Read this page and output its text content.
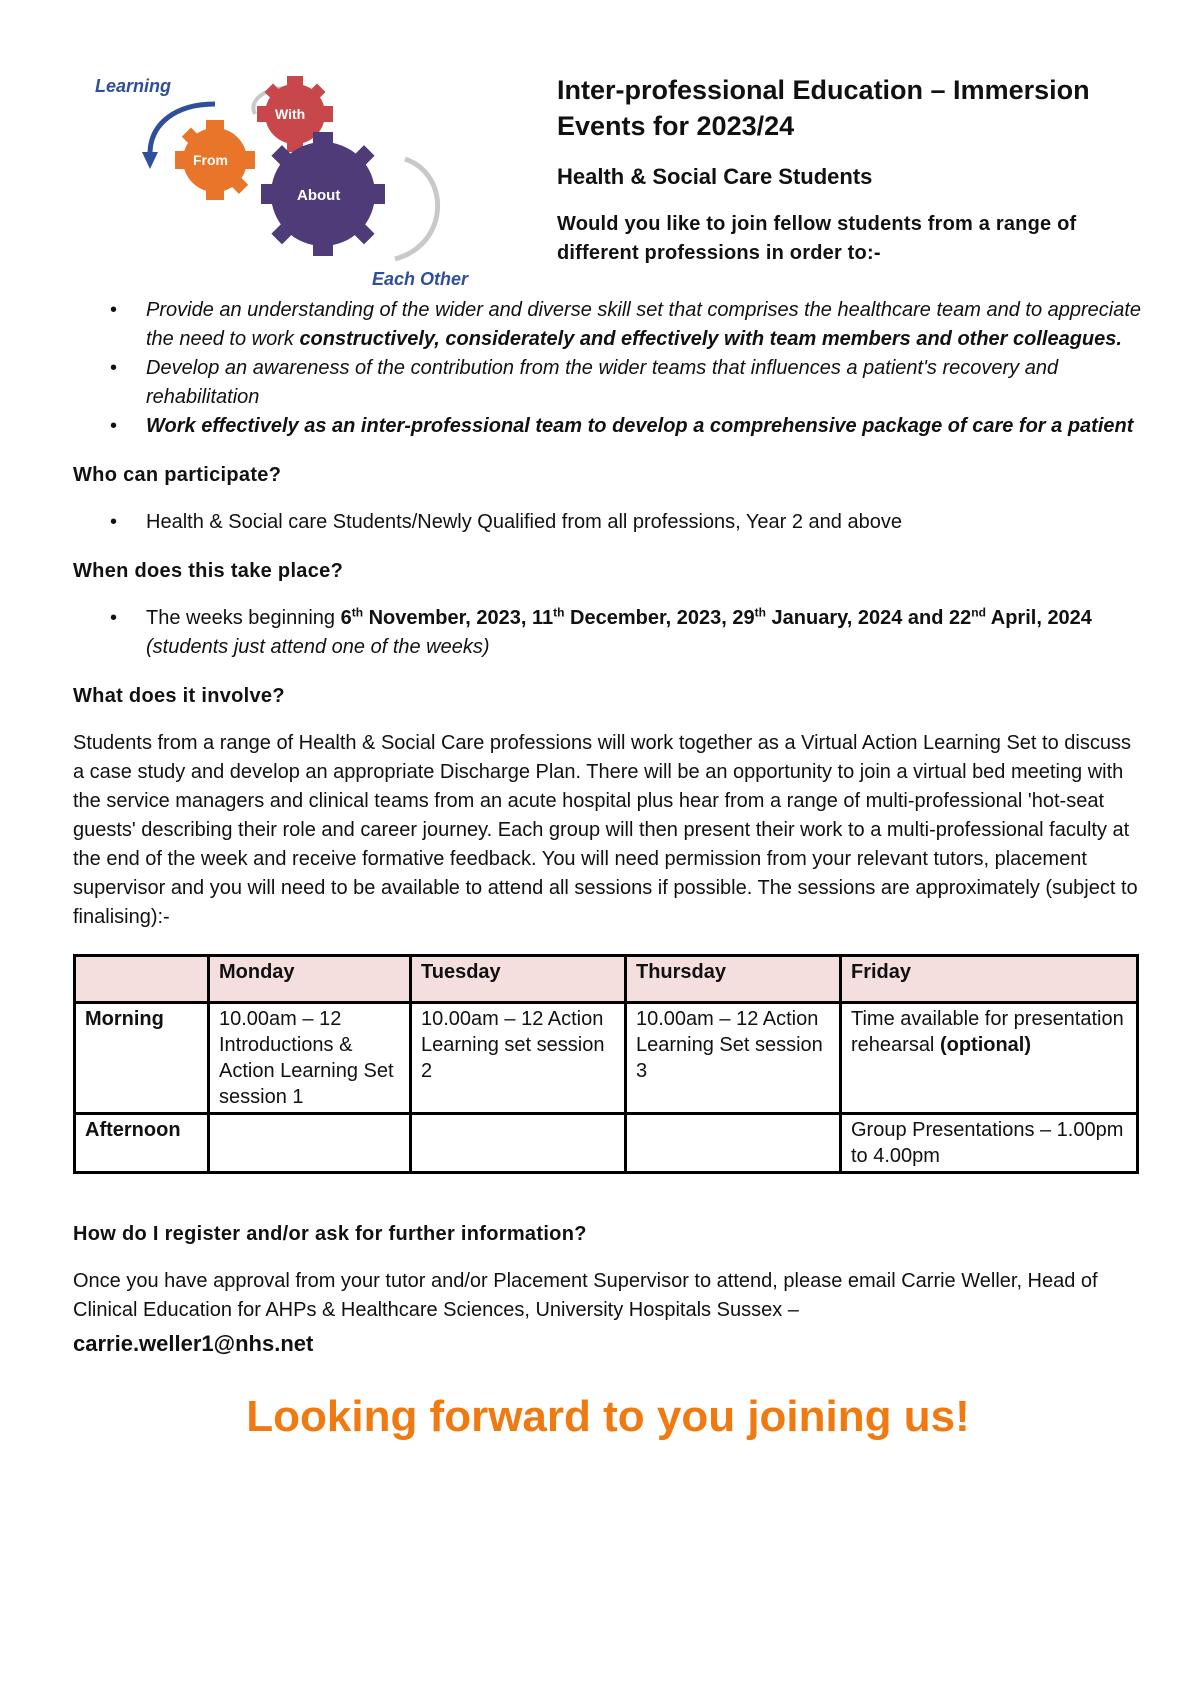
Learning
With
From
About
Each Other
Inter-professional Education – Immersion Events for 2023/24

Health & Social Care Students

Would you like to join fellow students from a range of different professions in order to:-

• Provide an understanding of the wider and diverse skill set that comprises the healthcare team and to appreciate the need to work constructively, considerately and effectively with team members and other colleagues.
• Develop an awareness of the contribution from the wider teams that influences a patient's recovery and rehabilitation
• Work effectively as an inter-professional team to develop a comprehensive package of care for a patient

Who can participate?

• Health & Social care Students/Newly Qualified from all professions, Year 2 and above

When does this take place?

• The weeks beginning 6th November, 2023, 11th December, 2023, 29th January, 2024 and 22nd April, 2024 (students just attend one of the weeks)

What does it involve?

Students from a range of Health & Social Care professions will work together as a Virtual Action Learning Set to discuss a case study and develop an appropriate Discharge Plan. There will be an opportunity to join a virtual bed meeting with the service managers and clinical teams from an acute hospital plus hear from a range of multi-professional 'hot-seat guests' describing their role and career journey. Each group will then present their work to a multi-professional faculty at the end of the week and receive formative feedback. You will need permission from your relevant tutors, placement supervisor and you will need to be available to attend all sessions if possible. The sessions are approximately (subject to finalising):-

	Monday	Tuesday	Thursday	Friday
Morning	10.00am – 12 Introductions & Action Learning Set session 1	10.00am – 12 Action Learning set session 2	10.00am – 12 Action Learning Set session 3	Time available for presentation rehearsal (optional)
Afternoon				Group Presentations – 1.00pm to 4.00pm

How do I register and/or ask for further information?

Once you have approval from your tutor and/or Placement Supervisor to attend, please email Carrie Weller, Head of Clinical Education for AHPs & Healthcare Sciences, University Hospitals Sussex –

carrie.weller1@nhs.net
Looking forward to you joining us!
